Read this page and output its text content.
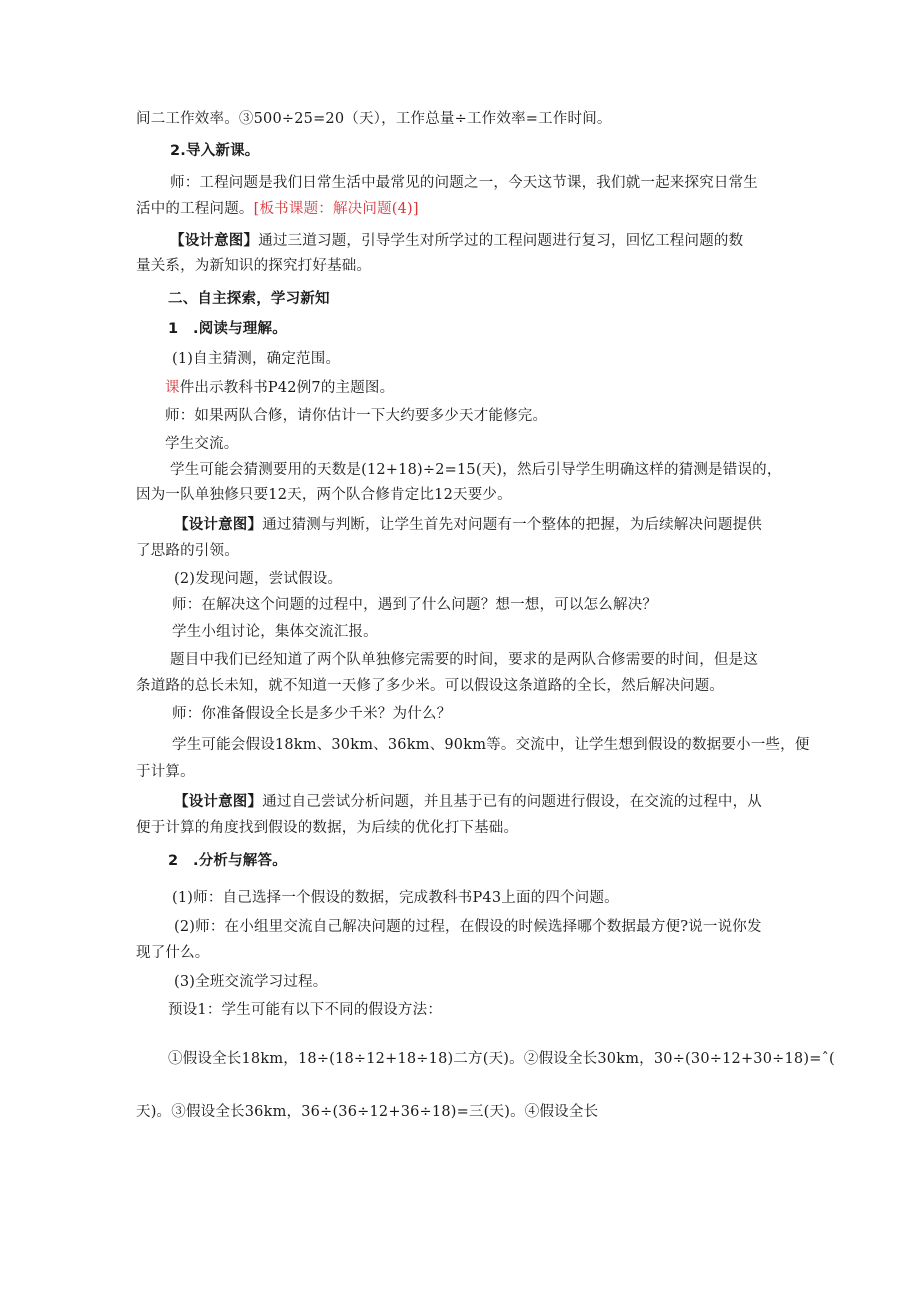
间二工作效率。③500÷25=20（天），工作总量÷工作效率=工作时间。
2.导入新课。
师：工程问题是我们日常生活中最常见的问题之一，今天这节课，我们就一起来探究日常生
活中的工程问题。[板书课题：解决问题(4)]
【设计意图】通过三道习题，引导学生对所学过的工程问题进行复习，回忆工程问题的数
量关系，为新知识的探究打好基础。
二、自主探索，学习新知
1　.阅读与理解。
(1)自主猜测，确定范围。
课件出示教科书P42例7的主题图。
师：如果两队合修，请你估计一下大约要多少天才能修完。
学生交流。
学生可能会猜测要用的天数是(12+18)÷2=15(天)，然后引导学生明确这样的猜测是错误的，
因为一队单独修只要12天，两个队合修肯定比12天要少。
【设计意图】通过猜测与判断，让学生首先对问题有一个整体的把握，为后续解决问题提供
了思路的引领。
(2)发现问题，尝试假设。
师：在解决这个问题的过程中，遇到了什么问题？想一想，可以怎么解决？
学生小组讨论，集体交流汇报。
题目中我们已经知道了两个队单独修完需要的时间，要求的是两队合修需要的时间，但是这
条道路的总长未知，就不知道一天修了多少米。可以假设这条道路的全长，然后解决问题。
师：你准备假设全长是多少千米？为什么？
学生可能会假设18km、30km、36km、90km等。交流中，让学生想到假设的数据要小一些，便
于计算。
【设计意图】通过自己尝试分析问题，并且基于已有的问题进行假设，在交流的过程中，从
便于计算的角度找到假设的数据，为后续的优化打下基础。
2　.分析与解答。
(1)师：自己选择一个假设的数据，完成教科书P43上面的四个问题。
(2)师：在小组里交流自己解决问题的过程，在假设的时候选择哪个数据最方便?说一说你发
现了什么。
(3)全班交流学习过程。
预设1：学生可能有以下不同的假设方法：
①假设全长18km，18÷(18÷12+18÷18)二方(天)。②假设全长30km，30÷(30÷12+30÷18)=ˆ(
天)。③假设全长36km，36÷(36÷12+36÷18)=三(天)。④假设全长
